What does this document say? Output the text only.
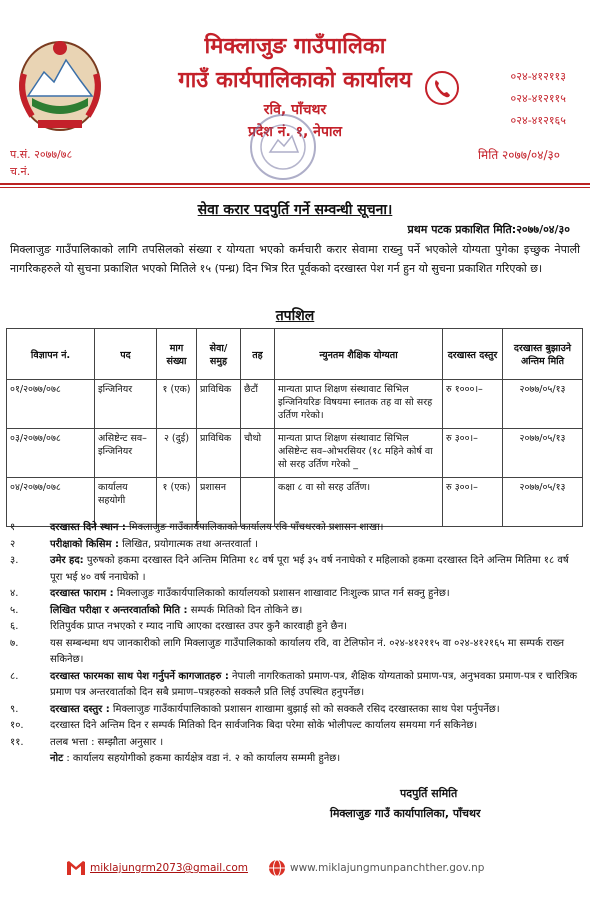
मिक्लाजुङ गाउँपालिका
गाउँ कार्यपालिकाको कार्यालय
रवि, पाँचथर
प्रदेश नं. १, नेपाल
०२४-४१२११३
०२४-४१२११५
०२४-४१२१६५
प.सं. २०७७/७८
च.नं.
मिति २०७७/०४/३०
सेवा करार पदपुर्ति गर्ने सम्वन्धी सूचना।
प्रथम पटक प्रकाशित मिति:२०७७/०४/३०
मिक्लाजुङ गाउँपालिकाको लागि तपसिलको संख्या र योग्यता भएको कर्मचारी करार सेवामा राख्नु पर्ने भएकोले योग्यता पुगेका इच्छुक नेपाली नागरिकहरुले यो सुचना प्रकाशित भएको मितिले १५ (पन्ध्र) दिन भित्र रित पूर्वकको दरखास्त पेश गर्न हुन यो सुचना प्रकाशित गरिएको छ।
तपशिल
विज्ञापन नं.	पद	माग संख्या	सेवा/ समुह	तह	न्युनतम शैक्षिक योग्यता	दरखास्त दस्तुर	दरखास्त बुझाउने अन्तिम मिति
०१/२०७७/०७८	इन्जिनियर	१ (एक)	प्राविधिक	छैटौं	मान्यता प्राप्त शिक्षण संस्थावाट सिभिल इन्जिनियरिङ विषयमा स्नातक तह वा सो सरह उर्तिण गरेको।	रु १०००।–	२०७७/०५/१३
०३/२०७७/०७८	असिष्टेन्ट सव– इन्जिनियर	२ (दुई)	प्राविधिक	चौथो	मान्यता प्राप्त शिक्षण संस्थावाट सिभिल असिष्टेन्ट सव–ओभरसियर (१८ महिने कोर्ष वा सो सरह उर्तिण गरेको _	रु ३००।–	२०७७/०५/१३
०४/२०७७/०७८	कार्यालय सहयोगी	१ (एक)	प्रशासन		कक्षा ८ वा सो सरह उर्तिण।	रु ३००।–	२०७७/०५/१३
१	दरखास्त दिने स्थान : मिक्लाजुङ गाउँकार्यपालिकाको कार्यालय रवि पाँचथरको प्रशासन शाखा।
२	परीक्षाको किसिम : लिखित, प्रयोगात्मक तथा अन्तरवार्ता ।
३.	उमेर हद: पुरुषको हकमा दरखास्त दिने अन्तिम मितिमा १८ वर्ष पूरा भई ३५ वर्ष ननाघेको र महिलाको हकमा दरखास्त दिने अन्तिम मितिमा १८ वर्ष पूरा भई ४० वर्ष ननाघेको ।
४.	दरखास्त फाराम : मिक्लाजुङ गाउँकार्यपालिकाको कार्यालयको प्रशासन शाखावाट निःशुल्क प्राप्त गर्न सक्नु हुनेछ।
५.	लिखित परीक्षा र अन्तरवार्ताको मिति : सम्पर्क मितिको दिन तोकिने छ।
६.	रितिपुर्वक प्राप्त नभएको र म्याद नाघि आएका दरखास्त उपर कुनै कारवाही हुने छैन।
७.	यस सम्बन्धमा थप जानकारीको लागि मिक्लाजुङ गाउँपालिकाको कार्यालय रवि, वा टेलिफोन नं. ०२४-४१२११५ वा ०२४-४१२१६५ मा सम्पर्क राख्न सकिनेछ।
८.	दरखास्त फारमका साथ पेश गर्नुपर्ने कागजातहरु : नेपाली नागरिकताको प्रमाण-पत्र, शैक्षिक योग्यताको प्रमाण-पत्र, अनुभवका प्रमाण-पत्र र चारित्रिक प्रमाण पत्र अन्तरवार्ताको दिन सबै प्रमाण–पत्रहरुको सक्कलै प्रति लिई उपस्थित हनुपर्नेछ।
९.	दरखास्त दस्तुर : मिक्लाजुङ गाउँकार्यपालिकाको प्रशासन शाखामा बुझाई सो को सक्कलै रसिद दरखास्तका साथ पेश पर्नुपर्नेछ।
१०.	दरखास्त दिने अन्तिम दिन र सम्पर्क मितिको दिन सार्वजनिक बिदा परेमा सोके भोलीपल्ट कार्यालय समयमा गर्न सकिनेछ।
११.	तलब भत्ता : सम्झौता अनुसार ।
नोट : कार्यालय सहयोगीको हकमा कार्यक्षेत्र वडा नं. २ को कार्यालय सम्ममी हुनेछ।
पदपुर्ति समिति
मिक्लाजुङ गाउँ कार्यापालिका, पाँचथर
miklajungrm2073@gmail.com	www.miklajungmunpanchther.gov.np
